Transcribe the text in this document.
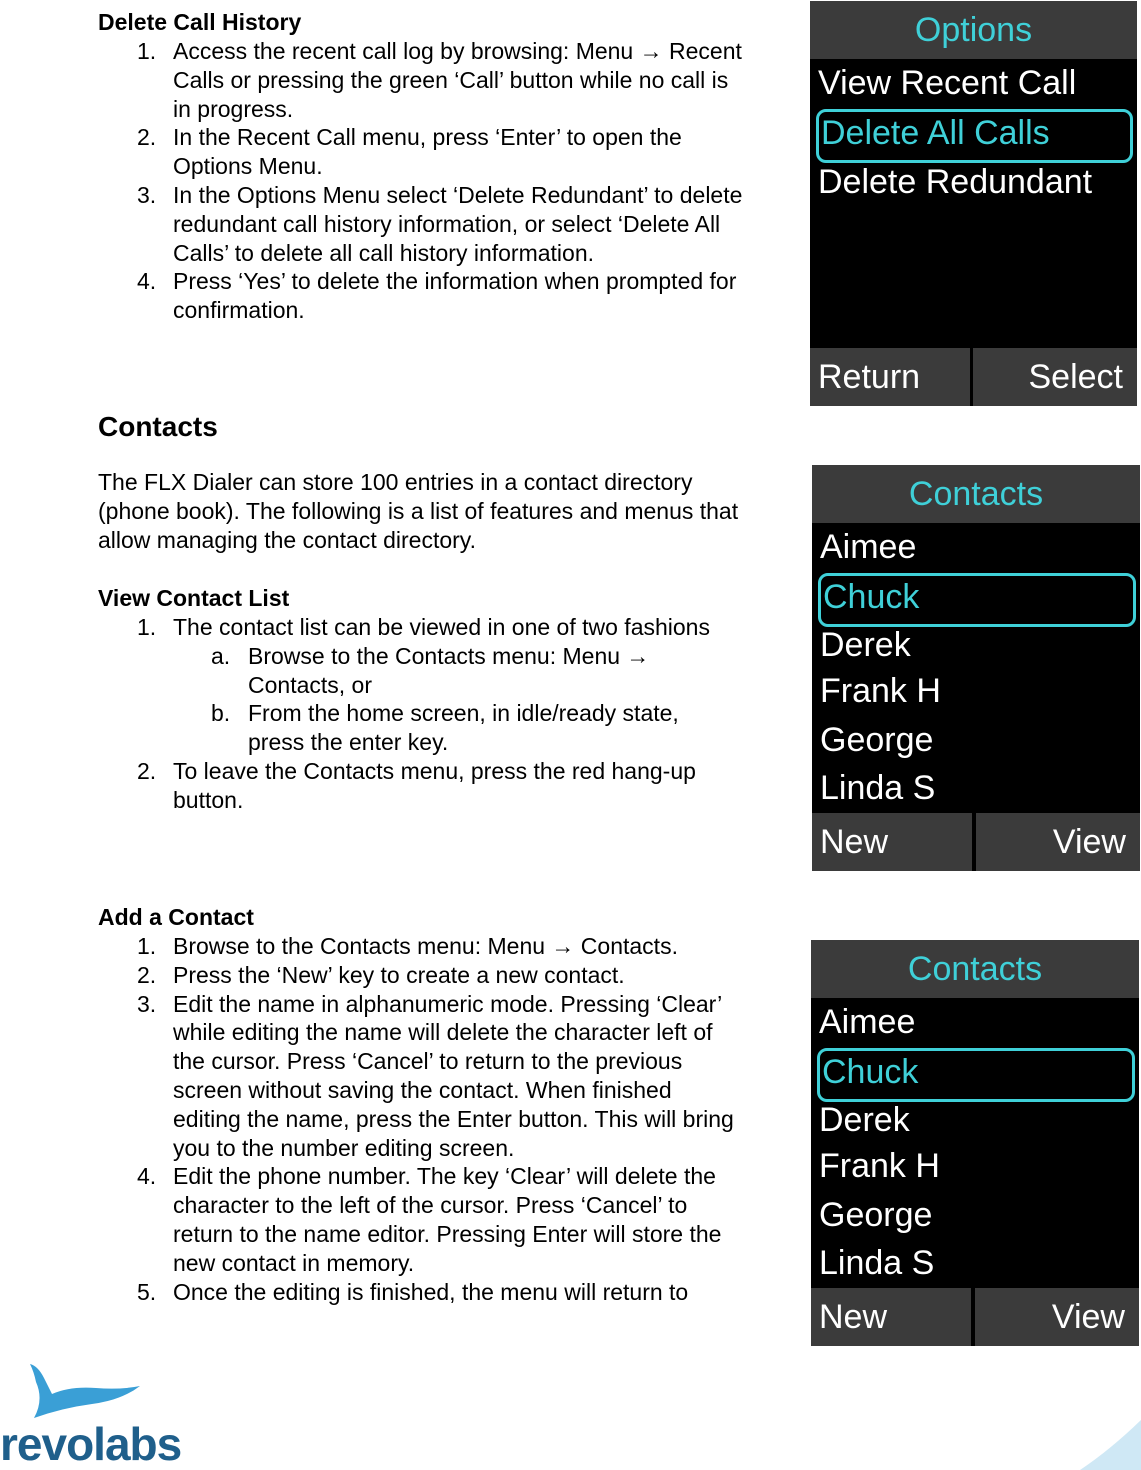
Delete Call History
1. Access the recent call log by browsing: Menu → Recent Calls or pressing the green ‘Call’ button while no call is in progress.
2. In the Recent Call menu, press ‘Enter’ to open the Options Menu.
3. In the Options Menu select ‘Delete Redundant’ to delete redundant call history information, or select ‘Delete All Calls’ to delete all call history information.
4. Press ‘Yes’ to delete the information when prompted for confirmation.
Contacts
The FLX Dialer can store 100 entries in a contact directory (phone book). The following is a list of features and menus that allow managing the contact directory.
View Contact List
1. The contact list can be viewed in one of two fashions
a. Browse to the Contacts menu: Menu → Contacts, or
b. From the home screen, in idle/ready state, press the enter key.
2. To leave the Contacts menu, press the red hang-up button.
Add a Contact
1. Browse to the Contacts menu: Menu → Contacts.
2. Press the ‘New’ key to create a new contact.
3. Edit the name in alphanumeric mode. Pressing ‘Clear’ while editing the name will delete the character left of the cursor. Press ‘Cancel’ to return to the previous screen without saving the contact. When finished editing the name, press the Enter button. This will bring you to the number editing screen.
4. Edit the phone number. The key ‘Clear’ will delete the character to the left of the cursor. Press ‘Cancel’ to return to the name editor. Pressing Enter will store the new contact in memory.
5. Once the editing is finished, the menu will return to
Options
View Recent Call
Delete All Calls
Delete Redundant
Return	Select
Contacts
Aimee
Chuck
Derek
Frank H
George
Linda S
New	View
Contacts
Aimee
Chuck
Derek
Frank H
George
Linda S
New	View
revolabs
